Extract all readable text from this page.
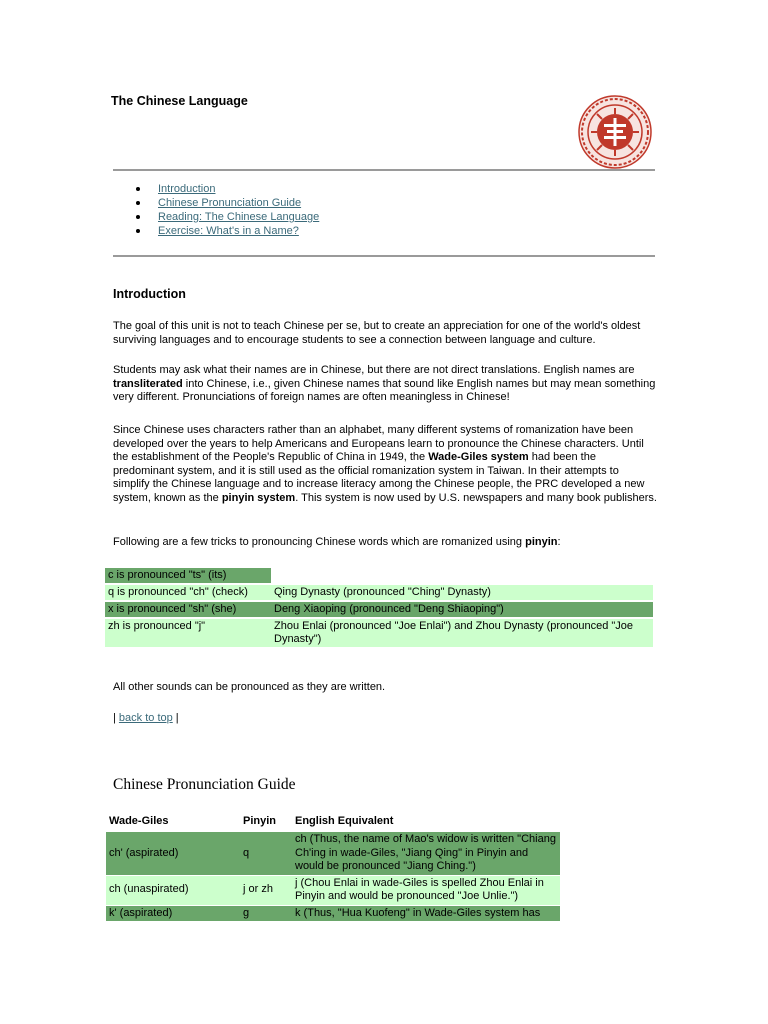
The Chinese Language
Introduction
Chinese Pronunciation Guide
Reading: The Chinese Language
Exercise: What's in a Name?
Introduction

The goal of this unit is not to teach Chinese per se, but to create an appreciation for one of the world's oldest surviving languages and to encourage students to see a connection between language and culture.

Students may ask what their names are in Chinese, but there are not direct translations. English names are transliterated into Chinese, i.e., given Chinese names that sound like English names but may mean something very different. Pronunciations of foreign names are often meaningless in Chinese!

Since Chinese uses characters rather than an alphabet, many different systems of romanization have been developed over the years to help Americans and Europeans learn to pronounce the Chinese characters. Until the establishment of the People's Republic of China in 1949, the Wade-Giles system had been the predominant system, and it is still used as the official romanization system in Taiwan. In their attempts to simplify the Chinese language and to increase literacy among the Chinese people, the PRC developed a new system, known as the pinyin system. This system is now used by U.S. newspapers and many book publishers.

Following are a few tricks to pronouncing Chinese words which are romanized using pinyin:

c is pronounced "ts" (its)	
q is pronounced "ch" (check)	Qing Dynasty (pronounced "Ching" Dynasty)
x is pronounced "sh" (she)	Deng Xiaoping (pronounced "Deng Shiaoping")
zh is pronounced "j"	Zhou Enlai (pronounced "Joe Enlai") and Zhou Dynasty (pronounced "Joe Dynasty")

All other sounds can be pronounced as they are written.

| back to top |

Chinese Pronunciation Guide
Wade-Giles	Pinyin	English Equivalent
ch' (aspirated)	q	ch (Thus, the name of Mao's widow is written "Chiang Ch'ing in wade-Giles, "Jiang Qing" in Pinyin and would be pronounced "Jiang Ching.")
ch (unaspirated)	j or zh	j (Chou Enlai in wade-Giles is spelled Zhou Enlai in Pinyin and would be pronounced "Joe Unlie.")
k' (aspirated)	g	k (Thus, "Hua Kuofeng" in Wade-Giles system has
